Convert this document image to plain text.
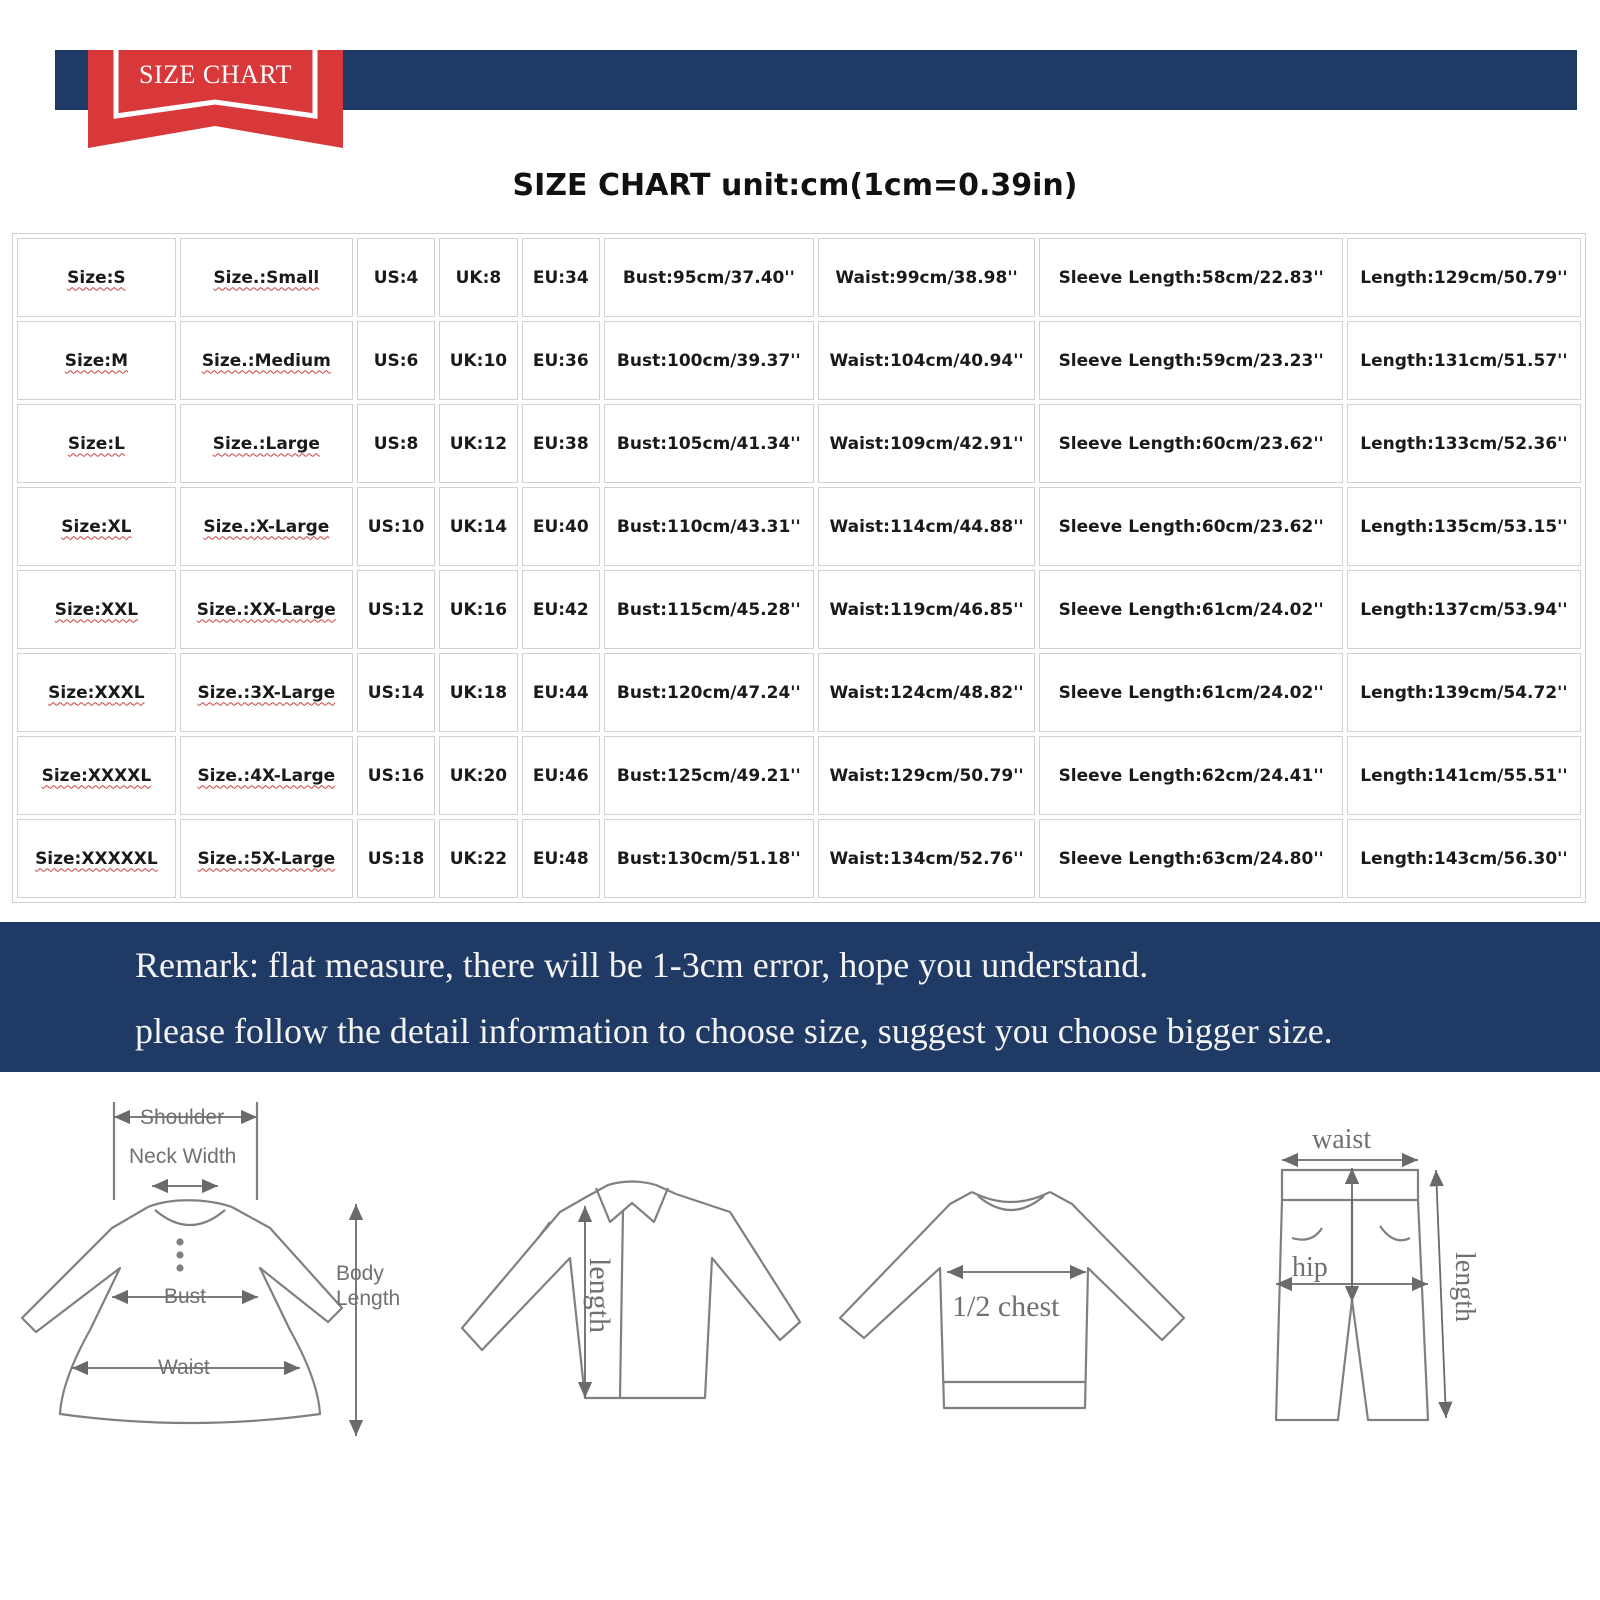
SIZE CHART
SIZE CHART unit:cm(1cm=0.39in)
Size:S	Size.:Small	US:4	UK:8	EU:34	Bust:95cm/37.40''	Waist:99cm/38.98''	Sleeve Length:58cm/22.83''	Length:129cm/50.79''
Size:M	Size.:Medium	US:6	UK:10	EU:36	Bust:100cm/39.37''	Waist:104cm/40.94''	Sleeve Length:59cm/23.23''	Length:131cm/51.57''
Size:L	Size.:Large	US:8	UK:12	EU:38	Bust:105cm/41.34''	Waist:109cm/42.91''	Sleeve Length:60cm/23.62''	Length:133cm/52.36''
Size:XL	Size.:X-Large	US:10	UK:14	EU:40	Bust:110cm/43.31''	Waist:114cm/44.88''	Sleeve Length:60cm/23.62''	Length:135cm/53.15''
Size:XXL	Size.:XX-Large	US:12	UK:16	EU:42	Bust:115cm/45.28''	Waist:119cm/46.85''	Sleeve Length:61cm/24.02''	Length:137cm/53.94''
Size:XXXL	Size.:3X-Large	US:14	UK:18	EU:44	Bust:120cm/47.24''	Waist:124cm/48.82''	Sleeve Length:61cm/24.02''	Length:139cm/54.72''
Size:XXXXL	Size.:4X-Large	US:16	UK:20	EU:46	Bust:125cm/49.21''	Waist:129cm/50.79''	Sleeve Length:62cm/24.41''	Length:141cm/55.51''
Size:XXXXXL	Size.:5X-Large	US:18	UK:22	EU:48	Bust:130cm/51.18''	Waist:134cm/52.76''	Sleeve Length:63cm/24.80''	Length:143cm/56.30''
Remark: flat measure, there will be 1-3cm error, hope you understand.
please follow the detail information to choose size, suggest you choose bigger size.
Shoulder
Neck Width
Bust
Waist
Body
Length	length	1/2 chest
waist
hip	length
